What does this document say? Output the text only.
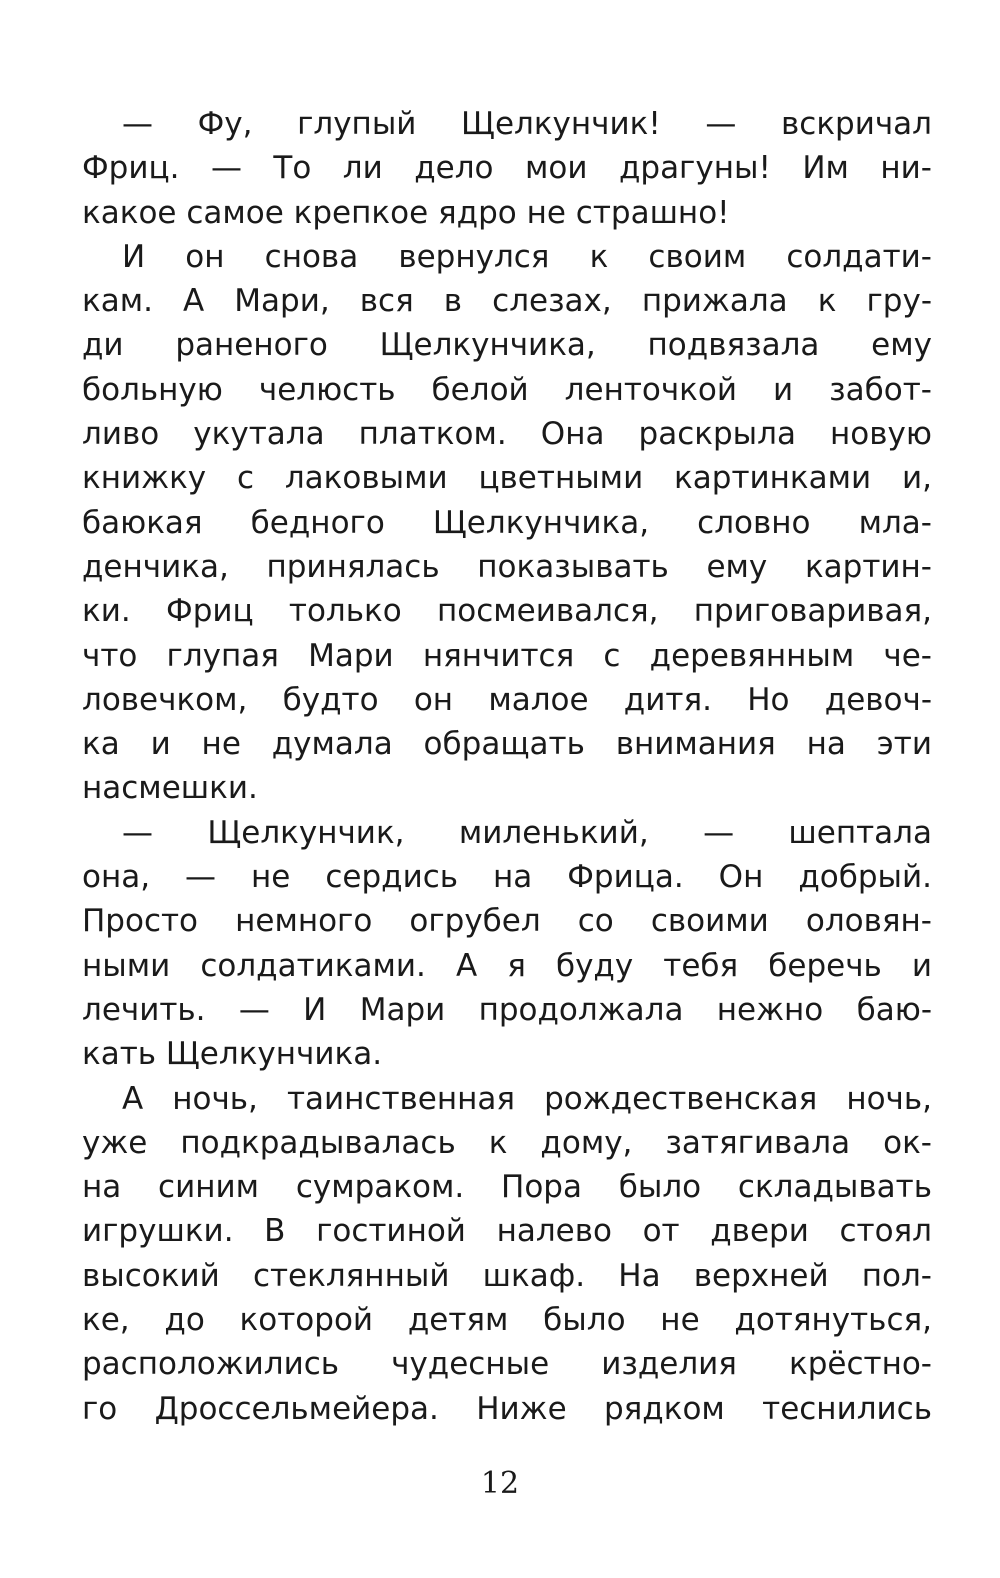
— Фу, глупый Щелкунчик! — вскричал
Фриц. — То ли дело мои драгуны! Им ни-
какое самое крепкое ядро не страшно!
И он снова вернулся к своим солдати-
кам. А Мари, вся в слезах, прижала к гру-
ди раненого Щелкунчика, подвязала ему
больную челюсть белой ленточкой и забот-
ливо укутала платком. Она раскрыла новую
книжку с лаковыми цветными картинками и,
баюкая бедного Щелкунчика, словно мла-
денчика, принялась показывать ему картин-
ки. Фриц только посмеивался, приговаривая,
что глупая Мари нянчится с деревянным че-
ловечком, будто он малое дитя. Но девоч-
ка и не думала обращать внимания на эти
насмешки.
— Щелкунчик, миленький, — шептала
она, — не сердись на Фрица. Он добрый.
Просто немного огрубел со своими оловян-
ными солдатиками. А я буду тебя беречь и
лечить. — И Мари продолжала нежно баю-
кать Щелкунчика.
А ночь, таинственная рождественская ночь,
уже подкрадывалась к дому, затягивала ок-
на синим сумраком. Пора было складывать
игрушки. В гостиной налево от двери стоял
высокий стеклянный шкаф. На верхней пол-
ке, до которой детям было не дотянуться,
расположились чудесные изделия крёстно-
го Дроссельмейера. Ниже рядком теснились
12
